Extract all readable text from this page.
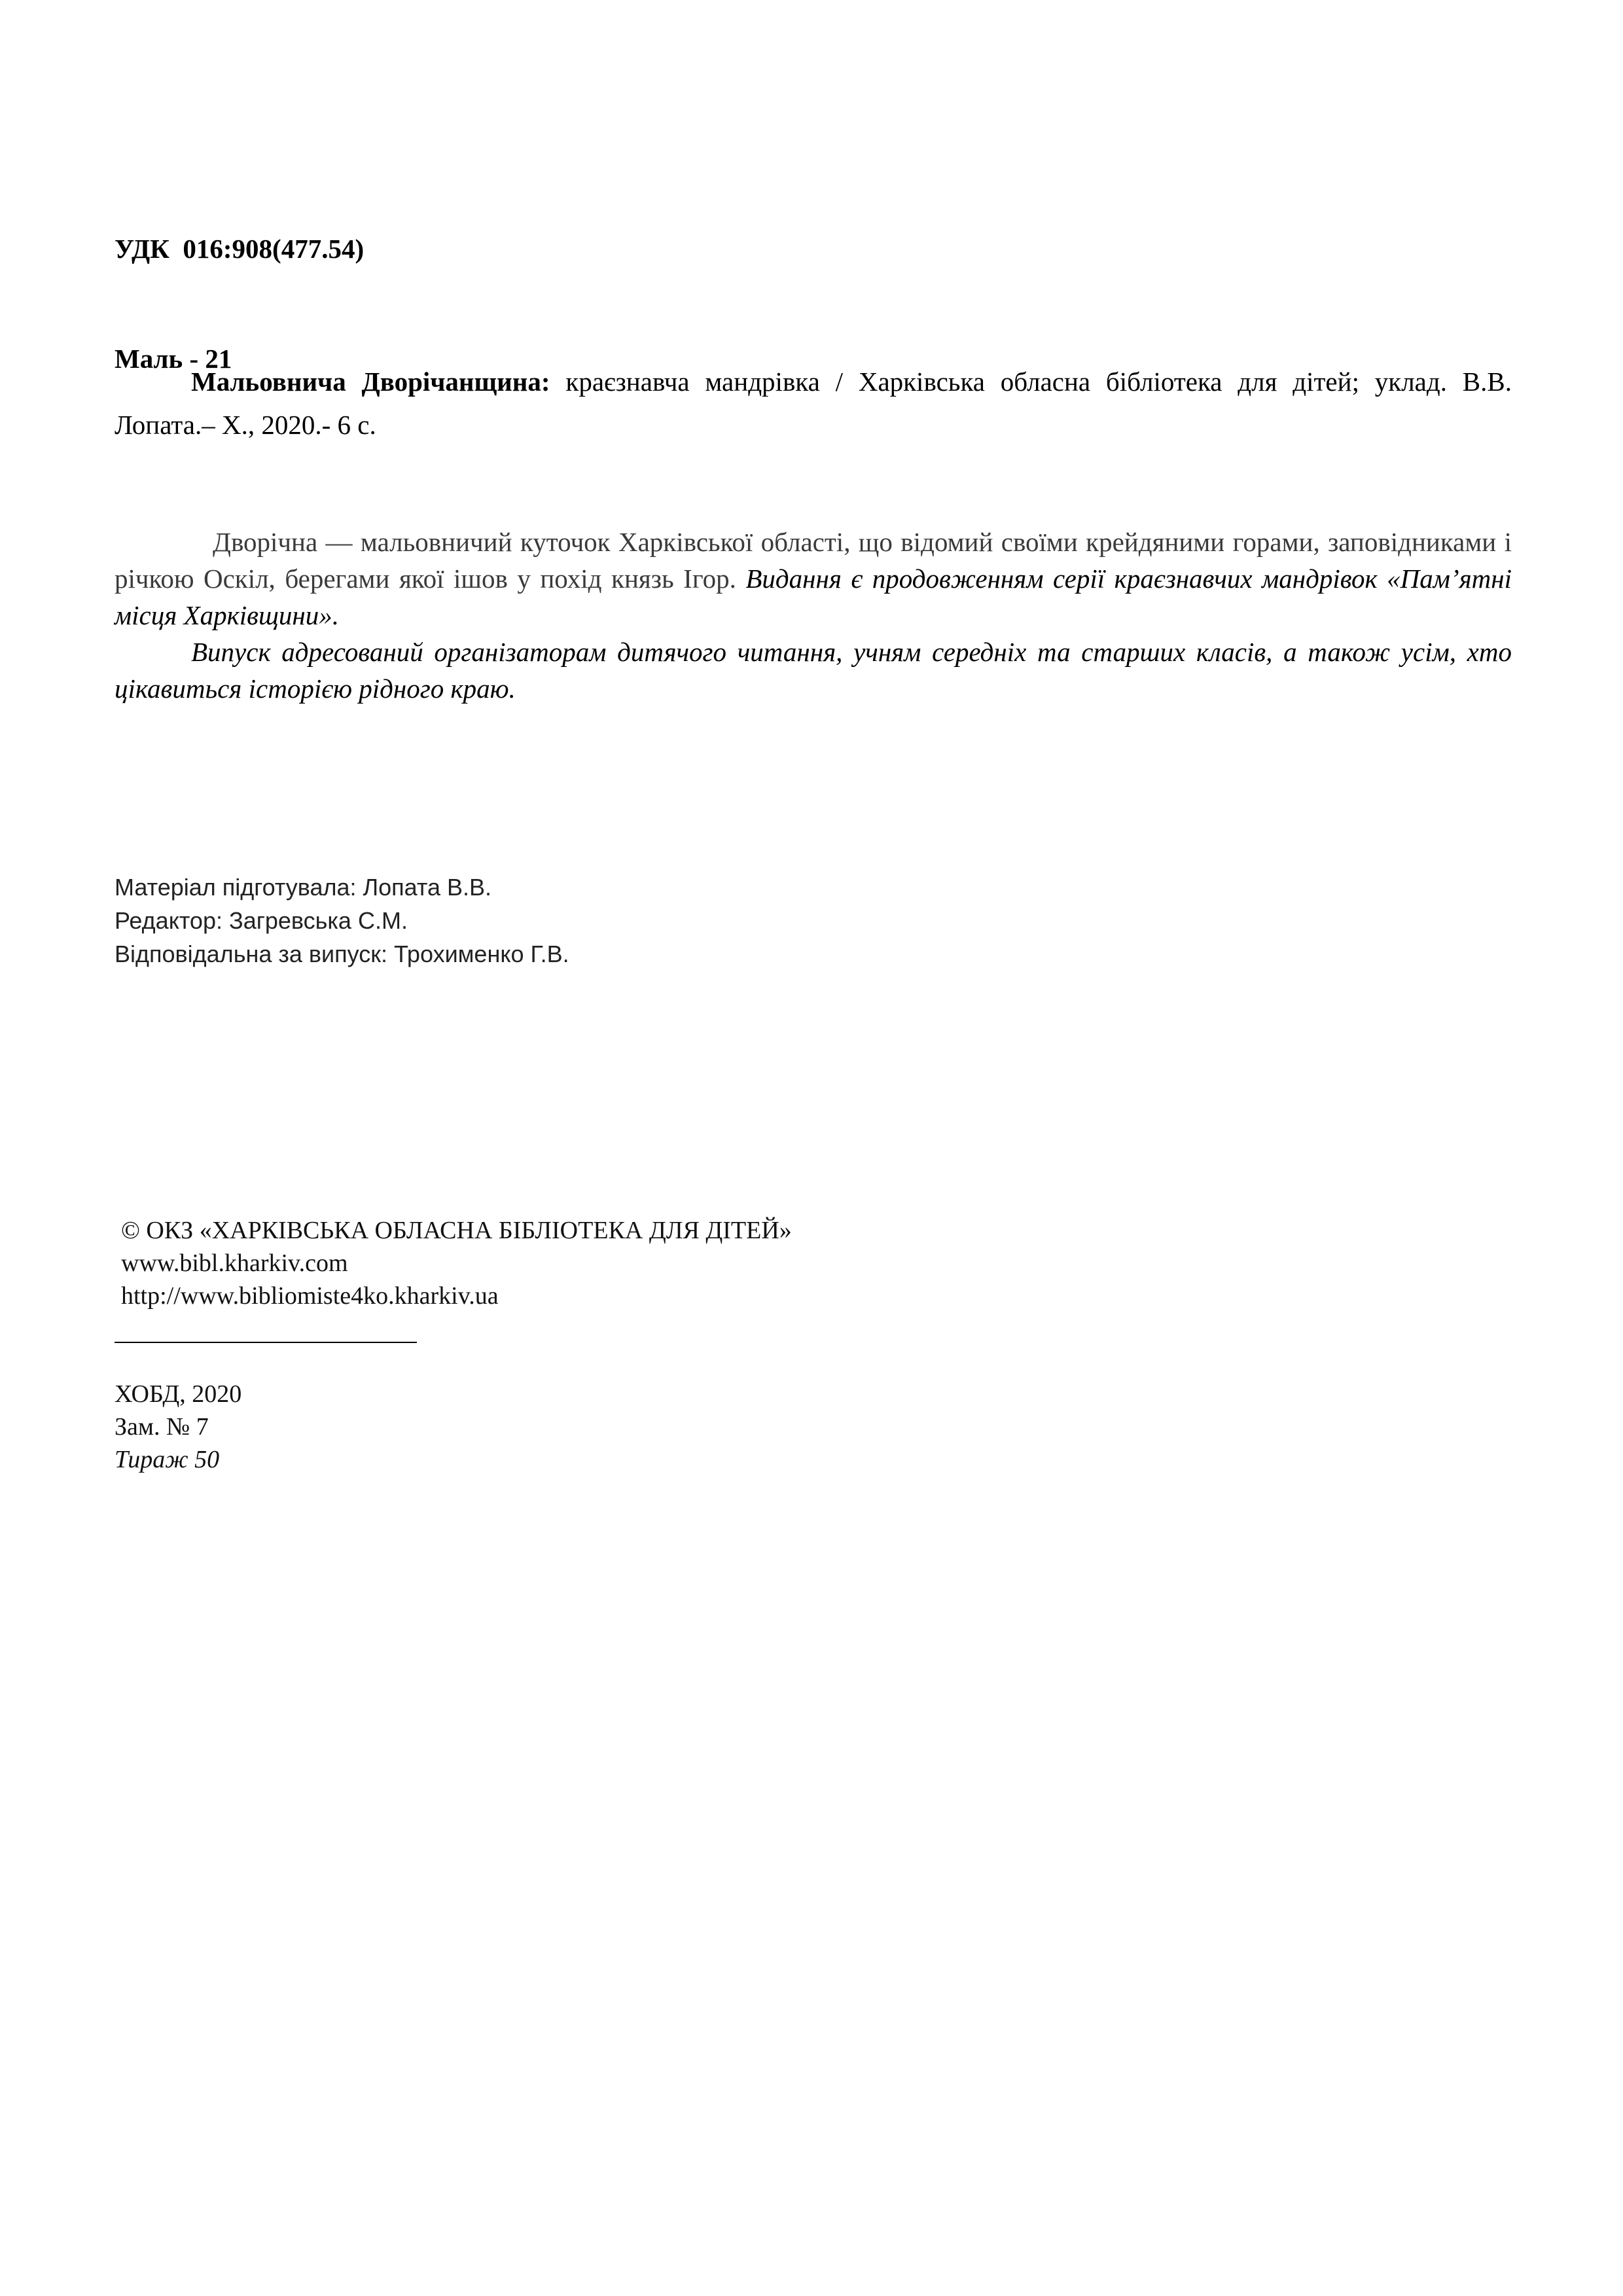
УДК  016:908(477.54)

Маль - 21

Мальовнича Дворічанщина: краєзнавча мандрівка / Харківська обласна бібліотека для дітей; уклад. В.В. Лопата.– Х., 2020.- 6 с.

Дворічна — мальовничий куточок Харківської області, що відомий своїми крейдяними горами, заповідниками і річкою Оскіл, берегами якої ішов у похід князь Ігор. Видання є продовженням серії краєзнавчих мандрівок «Пам’ятні місця Харківщини».

Випуск адресований організаторам дитячого читання, учням середніх та старших класів, а також усім, хто цікавиться історією рідного краю.

Матеріал підготувала: Лопата В.В.
Редактор: Загревська С.М.
Відповідальна за випуск: Трохименко Г.В.
© ОКЗ «ХАРКІВСЬКА ОБЛАСНА БІБЛІОТЕКА ДЛЯ ДІТЕЙ»
www.bibl.kharkiv.com
http://www.bibliomiste4ko.kharkiv.ua
ХОБД, 2020
Зам. № 7
Тираж 50
